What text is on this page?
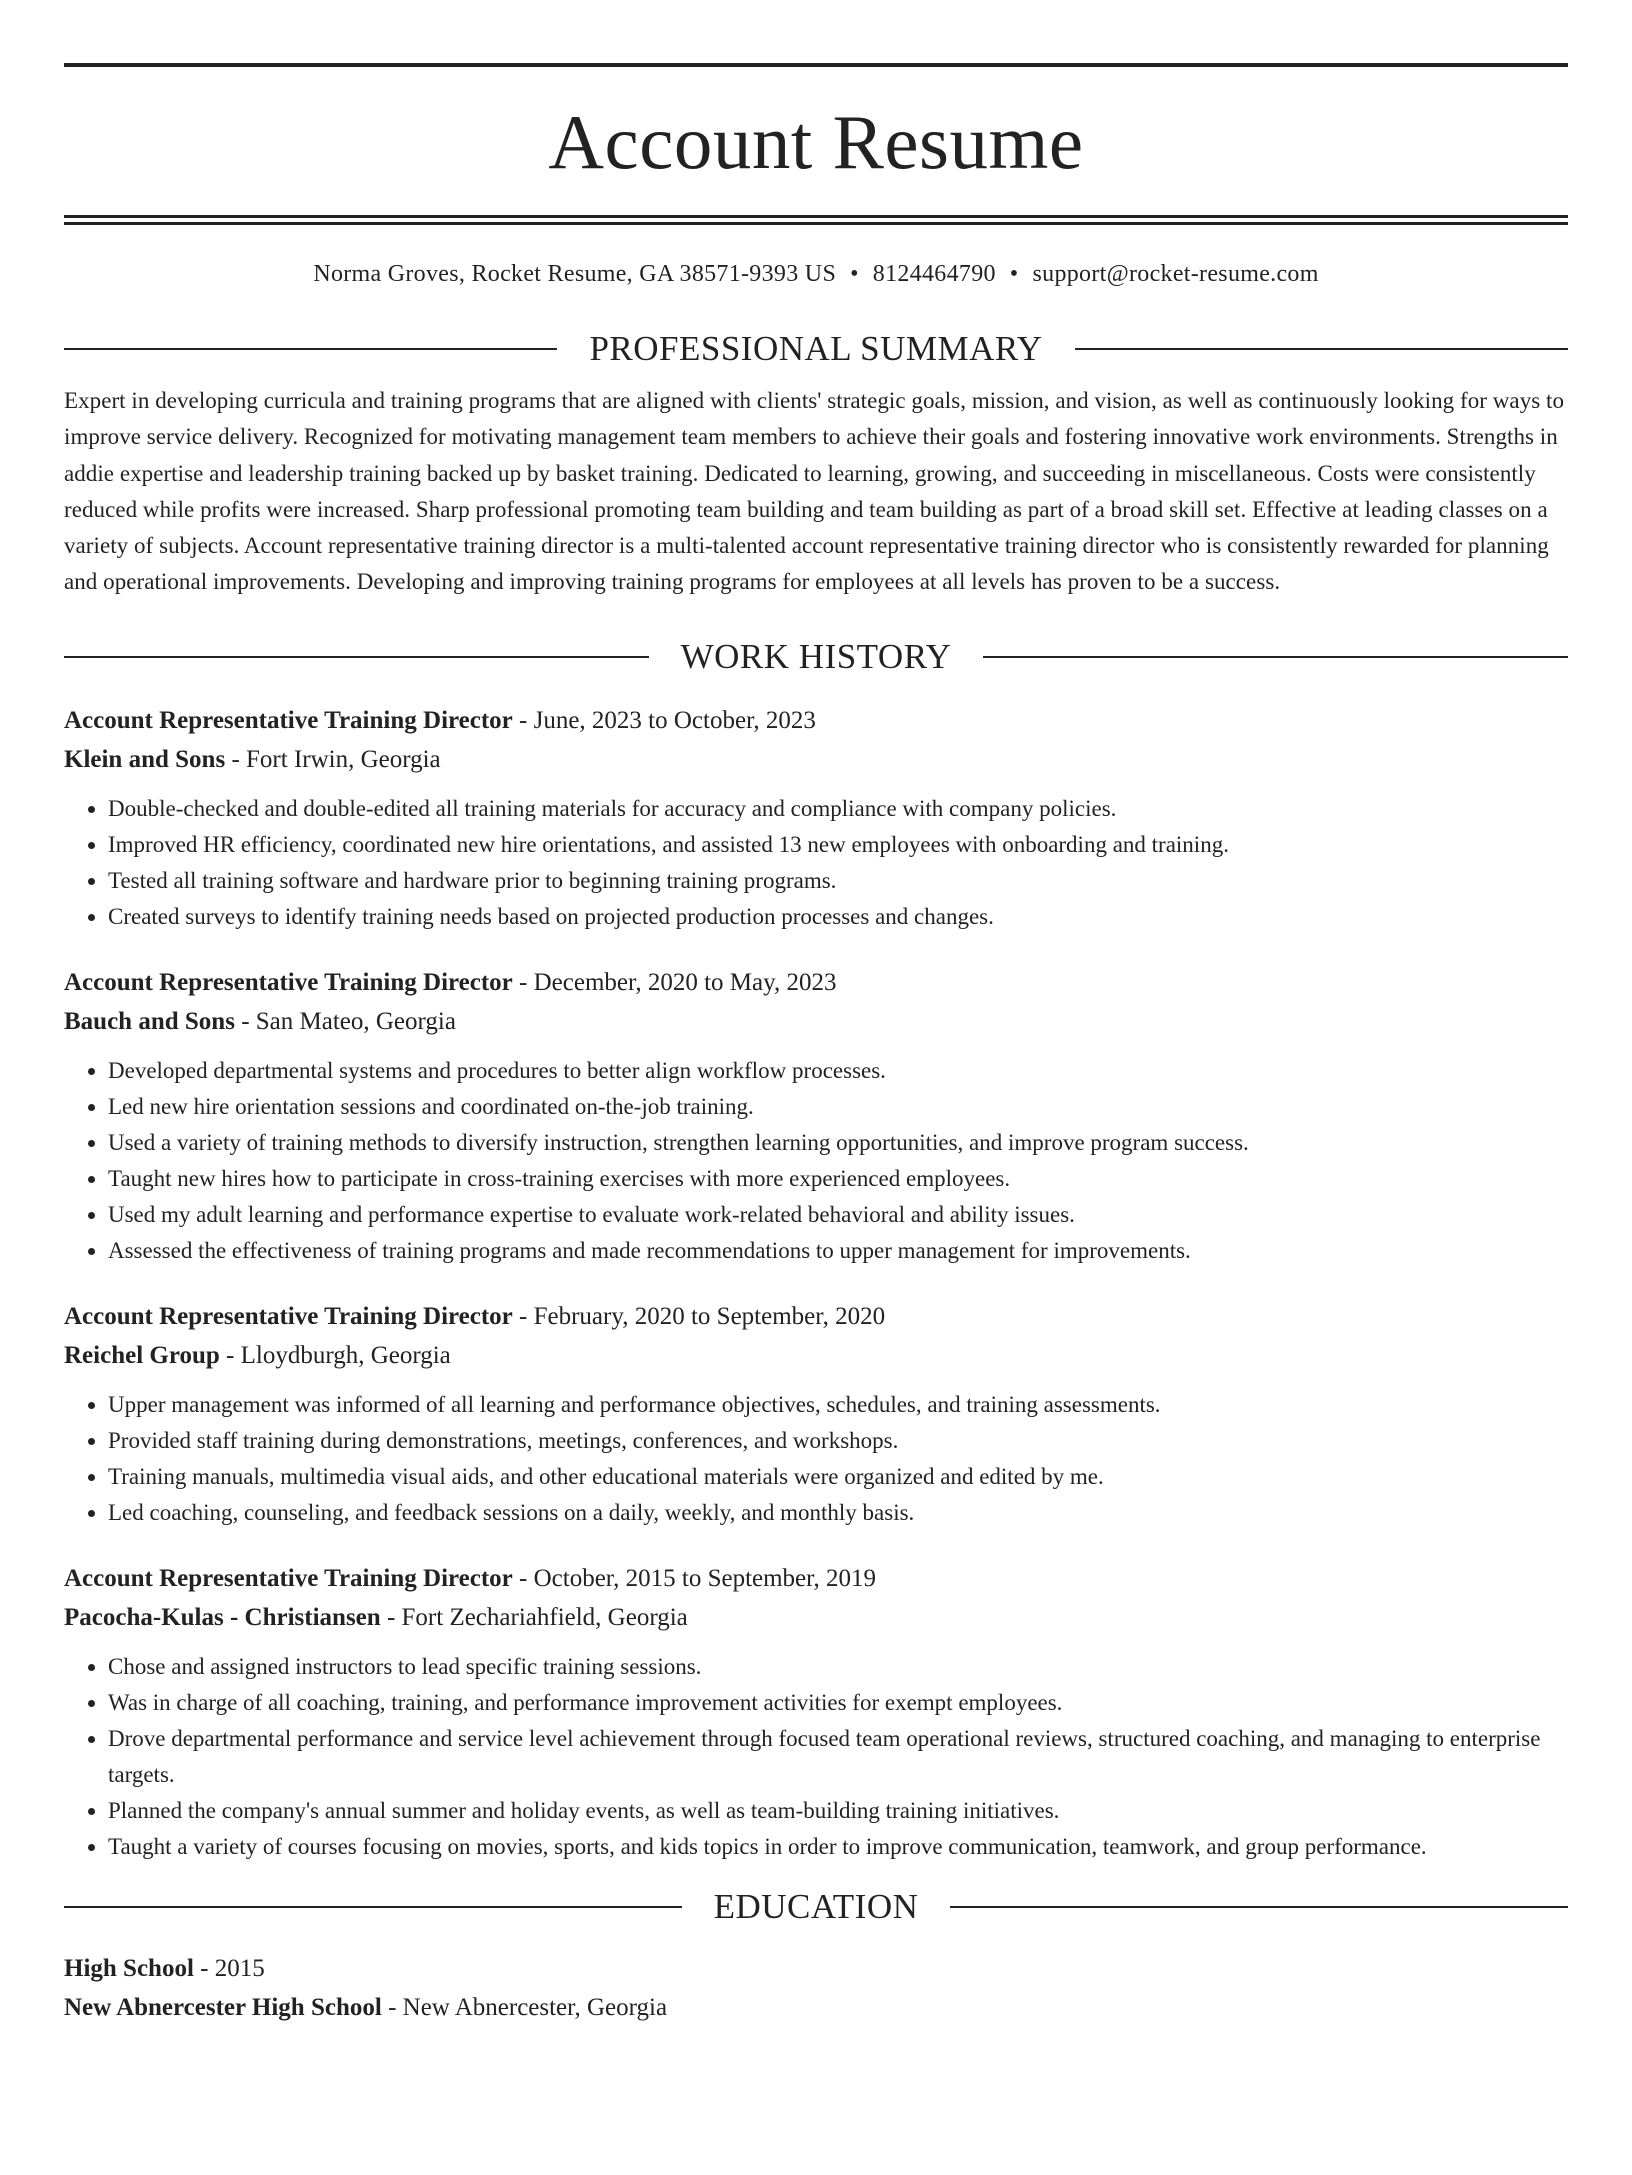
Account Resume
Norma Groves, Rocket Resume, GA 38571-9393 US • 8124464790 • support@rocket-resume.com
PROFESSIONAL SUMMARY
Expert in developing curricula and training programs that are aligned with clients' strategic goals, mission, and vision, as well as continuously looking for ways to improve service delivery. Recognized for motivating management team members to achieve their goals and fostering innovative work environments. Strengths in addie expertise and leadership training backed up by basket training. Dedicated to learning, growing, and succeeding in miscellaneous. Costs were consistently reduced while profits were increased. Sharp professional promoting team building and team building as part of a broad skill set. Effective at leading classes on a variety of subjects. Account representative training director is a multi-talented account representative training director who is consistently rewarded for planning and operational improvements. Developing and improving training programs for employees at all levels has proven to be a success.
WORK HISTORY
Account Representative Training Director - June, 2023 to October, 2023
Klein and Sons - Fort Irwin, Georgia
• Double-checked and double-edited all training materials for accuracy and compliance with company policies.
• Improved HR efficiency, coordinated new hire orientations, and assisted 13 new employees with onboarding and training.
• Tested all training software and hardware prior to beginning training programs.
• Created surveys to identify training needs based on projected production processes and changes.
Account Representative Training Director - December, 2020 to May, 2023
Bauch and Sons - San Mateo, Georgia
• Developed departmental systems and procedures to better align workflow processes.
• Led new hire orientation sessions and coordinated on-the-job training.
• Used a variety of training methods to diversify instruction, strengthen learning opportunities, and improve program success.
• Taught new hires how to participate in cross-training exercises with more experienced employees.
• Used my adult learning and performance expertise to evaluate work-related behavioral and ability issues.
• Assessed the effectiveness of training programs and made recommendations to upper management for improvements.
Account Representative Training Director - February, 2020 to September, 2020
Reichel Group - Lloydburgh, Georgia
• Upper management was informed of all learning and performance objectives, schedules, and training assessments.
• Provided staff training during demonstrations, meetings, conferences, and workshops.
• Training manuals, multimedia visual aids, and other educational materials were organized and edited by me.
• Led coaching, counseling, and feedback sessions on a daily, weekly, and monthly basis.
Account Representative Training Director - October, 2015 to September, 2019
Pacocha-Kulas - Christiansen - Fort Zechariahfield, Georgia
• Chose and assigned instructors to lead specific training sessions.
• Was in charge of all coaching, training, and performance improvement activities for exempt employees.
• Drove departmental performance and service level achievement through focused team operational reviews, structured coaching, and managing to enterprise targets.
• Planned the company's annual summer and holiday events, as well as team-building training initiatives.
• Taught a variety of courses focusing on movies, sports, and kids topics in order to improve communication, teamwork, and group performance.
EDUCATION
High School - 2015
New Abnercester High School - New Abnercester, Georgia
